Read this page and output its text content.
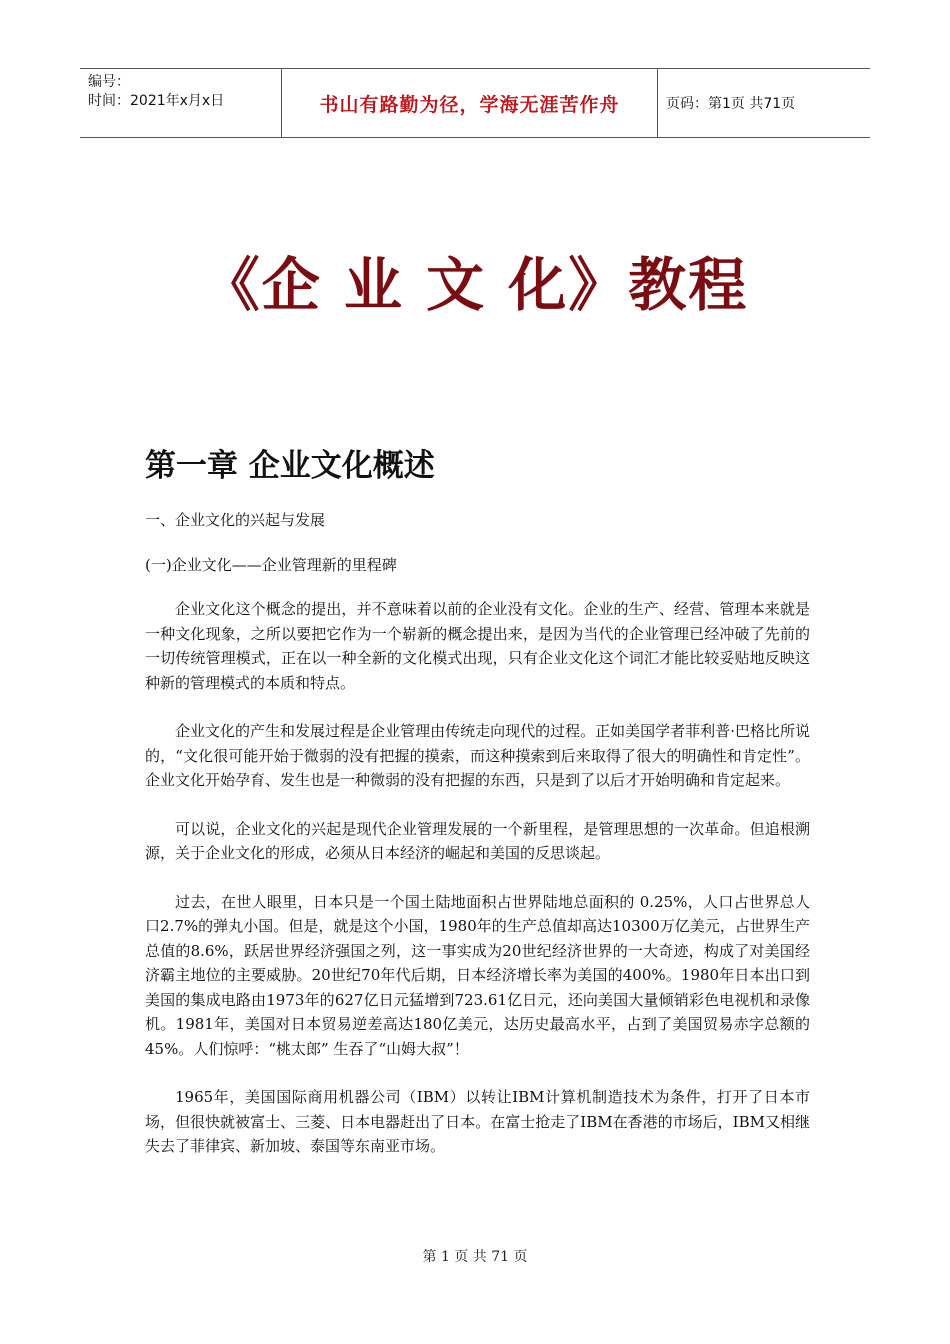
编号：
时间：2021年x月x日	书山有路勤为径，学海无涯苦作舟	页码：第1页 共71页
《企 业 文 化》教程
第一章 企业文化概述

一、企业文化的兴起与发展

(一)企业文化——企业管理新的里程碑

企业文化这个概念的提出，并不意味着以前的企业没有文化。企业的生产、经营、管理本来就是一种文化现象，之所以要把它作为一个崭新的概念提出来，是因为当代的企业管理已经冲破了先前的一切传统管理模式，正在以一种全新的文化模式出现，只有企业文化这个词汇才能比较妥贴地反映这种新的管理模式的本质和特点。

企业文化的产生和发展过程是企业管理由传统走向现代的过程。正如美国学者菲利普·巴格比所说的，“文化很可能开始于微弱的没有把握的摸索，而这种摸索到后来取得了很大的明确性和肯定性”。企业文化开始孕育、发生也是一种微弱的没有把握的东西，只是到了以后才开始明确和肯定起来。

可以说，企业文化的兴起是现代企业管理发展的一个新里程，是管理思想的一次革命。但追根溯源，关于企业文化的形成，必须从日本经济的崛起和美国的反思谈起。

过去，在世人眼里，日本只是一个国土陆地面积占世界陆地总面积的 0.25%，人口占世界总人口2.7%的弹丸小国。但是，就是这个小国，1980年的生产总值却高达10300万亿美元，占世界生产总值的8.6%，跃居世界经济强国之列，这一事实成为20世纪经济世界的一大奇迹，构成了对美国经济霸主地位的主要威胁。20世纪70年代后期，日本经济增长率为美国的400%。1980年日本出口到美国的集成电路由1973年的627亿日元猛增到723.61亿日元，还向美国大量倾销彩色电视机和录像机。1981年，美国对日本贸易逆差高达180亿美元，达历史最高水平，占到了美国贸易赤字总额的45%。人们惊呼：“桃太郎” 生吞了“山姆大叔”！

1965年，美国国际商用机器公司（IBM）以转让IBM计算机制造技术为条件，打开了日本市场，但很快就被富士、三菱、日本电器赶出了日本。在富士抢走了IBM在香港的市场后，IBM又相继失去了菲律宾、新加坡、泰国等东南亚市场。

第 1 页 共 71 页
